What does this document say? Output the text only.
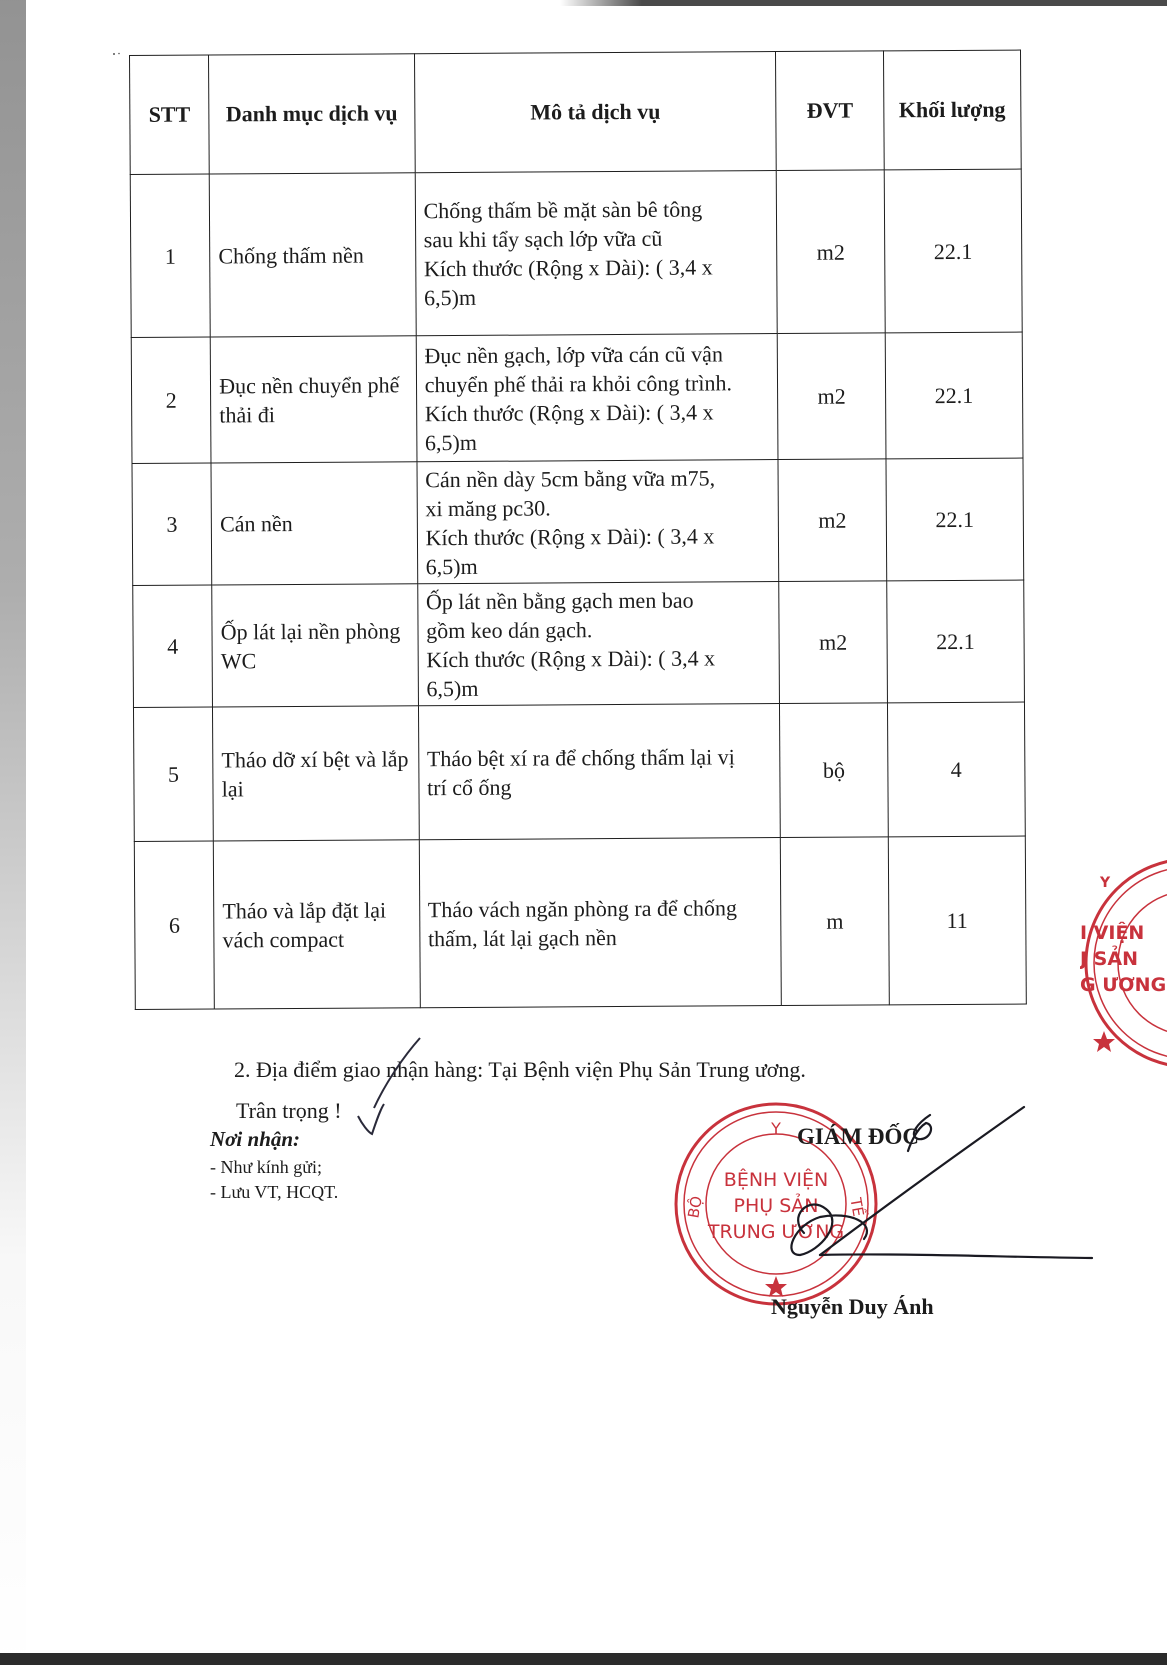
STT	Danh mục dịch vụ	Mô tả dịch vụ	ĐVT	Khối lượng
1	Chống thấm nền	Chống thấm bề mặt sàn bê tông
sau khi tẩy sạch lớp vữa cũ
Kích thước (Rộng x Dài): ( 3,4 x
6,5)m	m2	22.1
2	Đục nền chuyển phế thải đi	Đục nền gạch, lớp vữa cán cũ vận
chuyển phế thải ra khỏi công trình.
Kích thước (Rộng x Dài): ( 3,4 x
6,5)m	m2	22.1
3	Cán nền	Cán nền dày 5cm bằng vữa m75,
xi măng pc30.
Kích thước (Rộng x Dài): ( 3,4 x
6,5)m	m2	22.1
4	Ốp lát lại nền phòng WC	Ốp lát nền bằng gạch men bao
gồm keo dán gạch.
Kích thước (Rộng x Dài): ( 3,4 x
6,5)m	m2	22.1
5	Tháo dỡ xí bệt và lắp lại	Tháo bệt xí ra để chống thấm lại vị
trí cổ ống	bộ	4
6	Tháo và lắp đặt lại vách compact	Tháo vách ngăn phòng ra để chống
thấm, lát lại gạch nền	m	11
2. Địa điểm giao nhận hàng: Tại Bệnh viện Phụ Sản Trung ương.
Trân trọng !
Nơi nhận:
- Như kính gửi;
- Lưu VT, HCQT.
Y
BỘ	TẾ
BỆNH VIỆN
PHỤ SẢN
TRUNG ƯƠNG
Y
I VIỆN
J SẢN
G ƯƠNG
GIÁM ĐỐC
Nguyễn Duy Ánh
